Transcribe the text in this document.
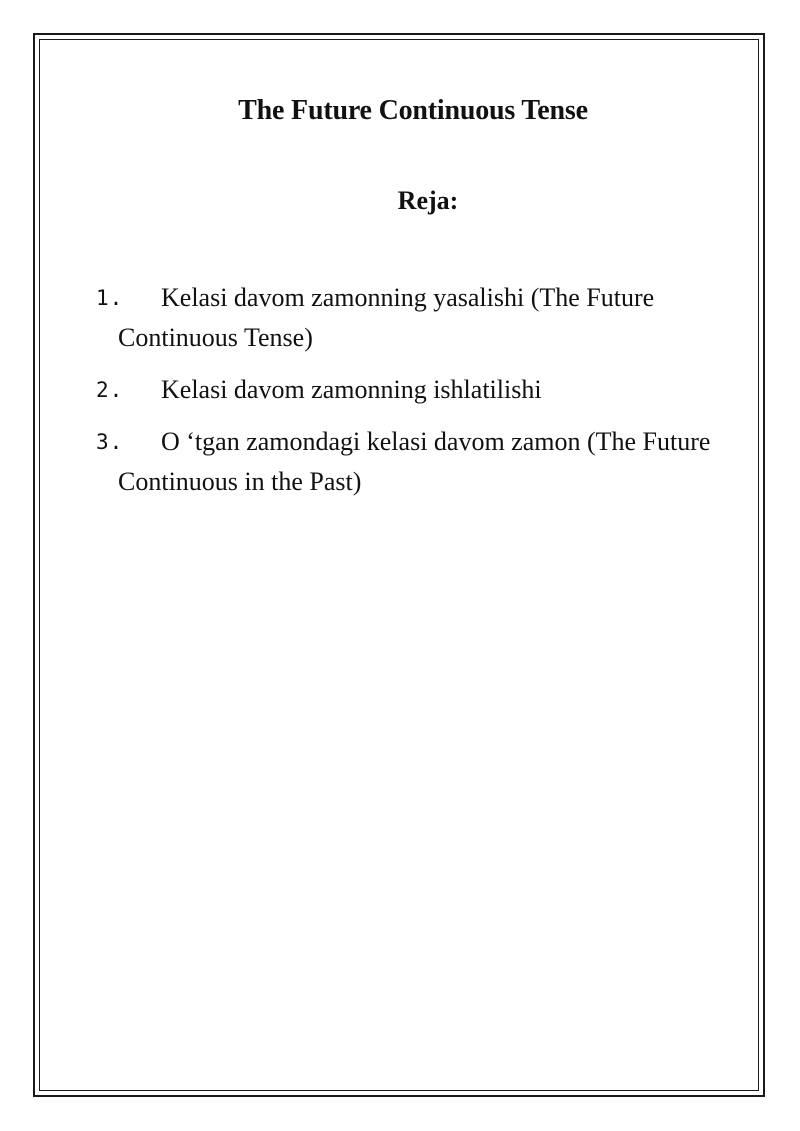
The Future Continuous Tense
Reja:
1.	Kelasi davom zamonning yasalishi (The Future Continuous Tense)
2.	Kelasi davom zamonning ishlatilishi
3.	O ‘tgan zamondagi kelasi davom zamon (The Future Continuous in the Past)
